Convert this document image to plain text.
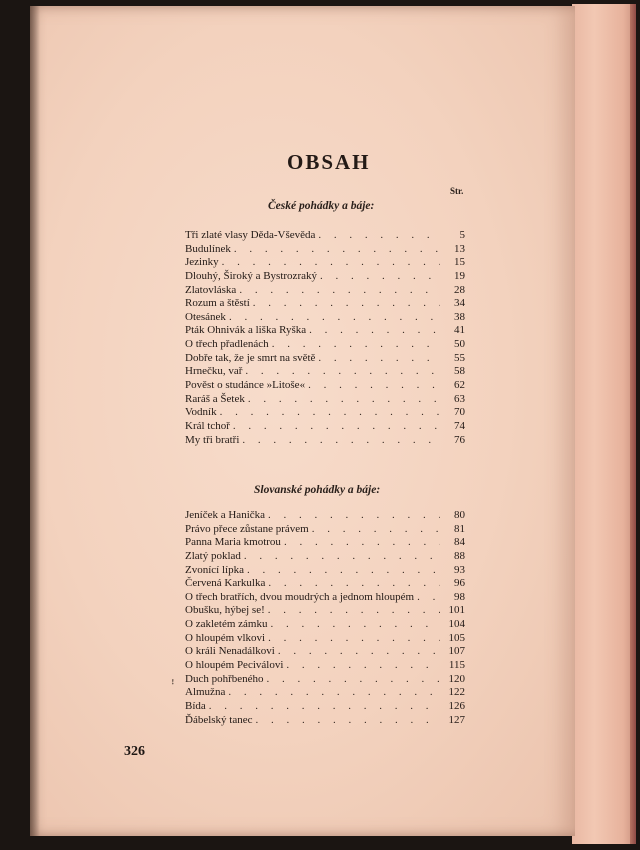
OBSAH
Str.
České pohádky a báje:
Tři zlaté vlasy Děda-Vševěda . . .	5
Budulínek . . .	13
Jezinky . . .	15
Dlouhý, Široký a Bystrozraký . . .	19
Zlatovláska . . .	28
Rozum a štěstí . . .	34
Otesánek . . .	38
Pták Ohnivák a liška Ryška . . .	41
O třech přadlenách . . .	50
Dobře tak, že je smrt na světě . . .	55
Hrnečku, vař . . .	58
Pověst o studánce »Litoše« . . .	62
Raráš a Šetek . . .	63
Vodník . . .	70
Král tchoř . . .	74
My tři bratři . . .	76
Slovanské pohádky a báje:
Jeníček a Hanička . . .	80
Právo přece zůstane právem . . .	81
Panna Maria kmotrou . . .	84
Zlatý poklad . . .	88
Zvonící lípka . . .	93
Červená Karkulka . . .	96
O třech bratřích, dvou moudrých a jednom hloupém . . .	98
Obušku, hýbej se! . . .	101
O zakletém zámku . . .	104
O hloupém vlkovi . . .	105
O králi Nenadálkovi . . .	107
O hloupém Peciválovi . . .	115
Duch pohřbeného . . .	120
Almužna . . .	122
Bída . . .	126
Ďábelský tanec . . .	127
ꜝ
326
